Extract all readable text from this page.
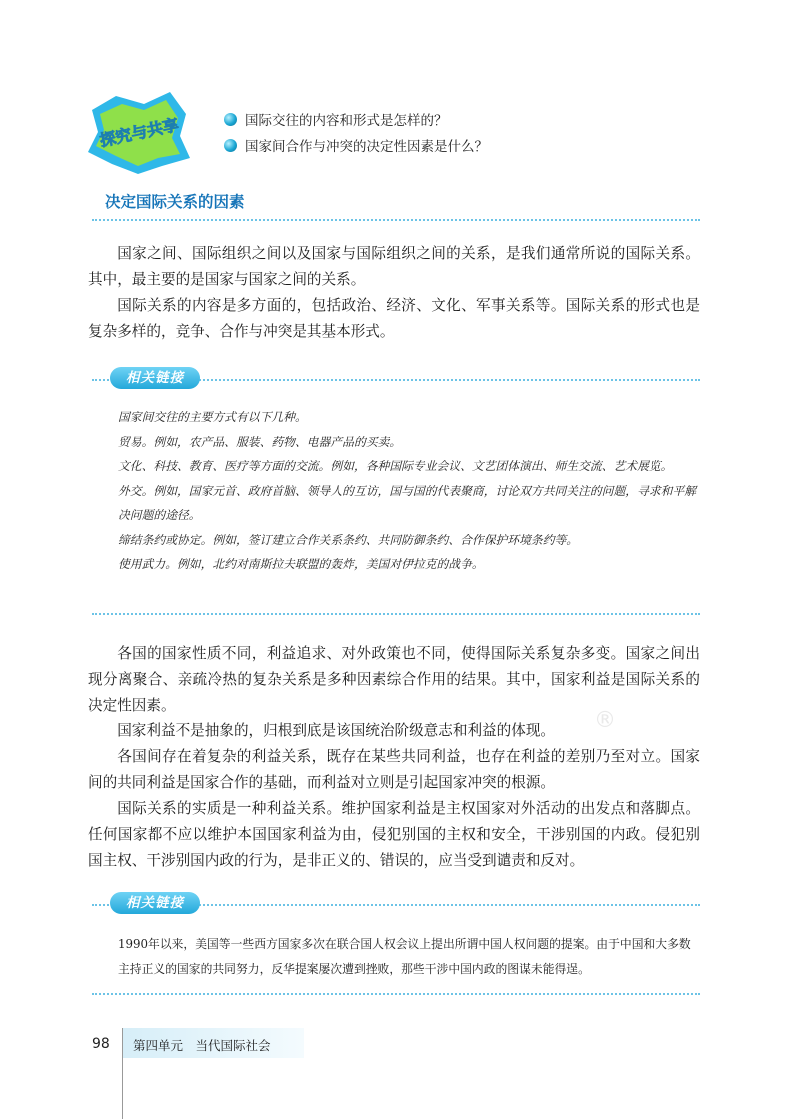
探究与共享	国际交往的内容和形式是怎样的？
国家间合作与冲突的决定性因素是什么？
决定国际关系的因素

国家之间、国际组织之间以及国家与国际组织之间的关系，是我们通常所说的国际关系。其中，最主要的是国家与国家之间的关系。

国际关系的内容是多方面的，包括政治、经济、文化、军事关系等。国际关系的形式也是复杂多样的，竞争、合作与冲突是其基本形式。

相关链接

国家间交往的主要方式有以下几种。

贸易。例如，农产品、服装、药物、电器产品的买卖。

文化、科技、教育、医疗等方面的交流。例如，各种国际专业会议、文艺团体演出、师生交流、艺术展览。

外交。例如，国家元首、政府首脑、领导人的互访，国与国的代表聚商，讨论双方共同关注的问题，寻求和平解决问题的途径。

缔结条约或协定。例如，签订建立合作关系条约、共同防御条约、合作保护环境条约等。

使用武力。例如，北约对南斯拉夫联盟的轰炸，美国对伊拉克的战争。

各国的国家性质不同，利益追求、对外政策也不同，使得国际关系复杂多变。国家之间出现分离聚合、亲疏冷热的复杂关系是多种因素综合作用的结果。其中，国家利益是国际关系的决定性因素。

国家利益不是抽象的，归根到底是该国统治阶级意志和利益的体现。

各国间存在着复杂的利益关系，既存在某些共同利益，也存在利益的差别乃至对立。国家间的共同利益是国家合作的基础，而利益对立则是引起国家冲突的根源。

国际关系的实质是一种利益关系。维护国家利益是主权国家对外活动的出发点和落脚点。任何国家都不应以维护本国国家利益为由，侵犯别国的主权和安全，干涉别国的内政。侵犯别国主权、干涉别国内政的行为，是非正义的、错误的，应当受到谴责和反对。

®
相关链接

1990年以来，美国等一些西方国家多次在联合国人权会议上提出所谓中国人权问题的提案。由于中国和大多数主持正义的国家的共同努力，反华提案屡次遭到挫败，那些干涉中国内政的图谋未能得逞。

98 第四单元　当代国际社会
